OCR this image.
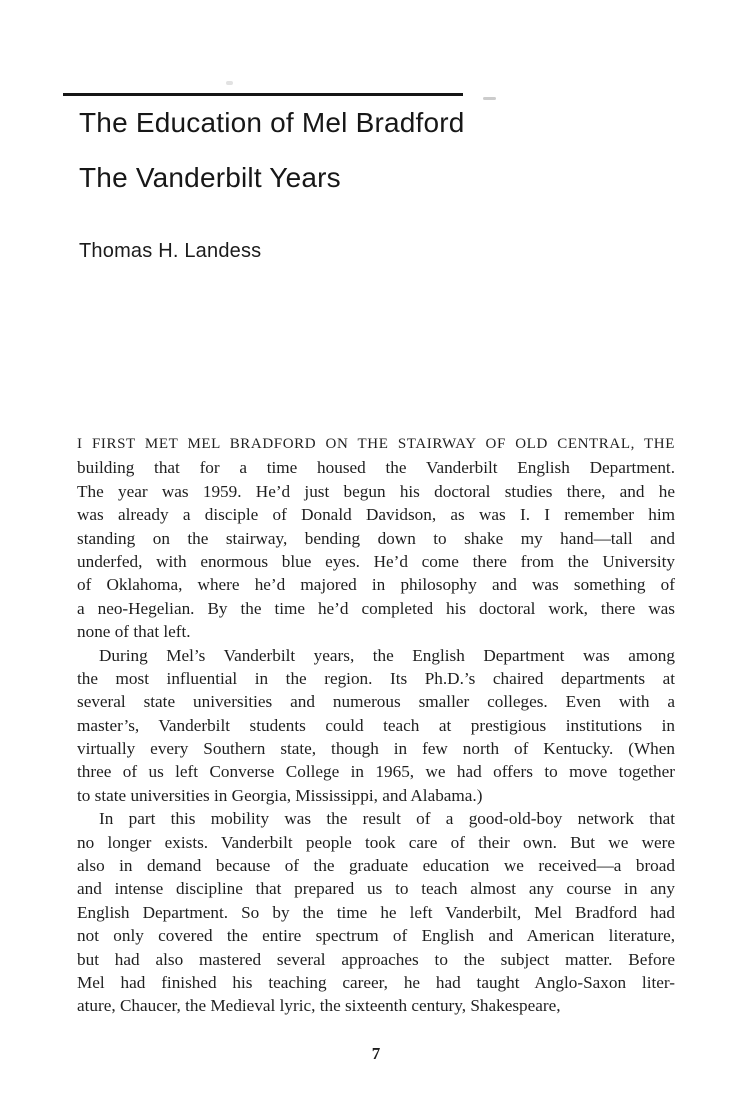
The Education of Mel Bradford
The Vanderbilt Years
Thomas H. Landess
I FIRST MET MEL BRADFORD ON THE STAIRWAY OF OLD CENTRAL, THE
building that for a time housed the Vanderbilt English Department.
The year was 1959. He’d just begun his doctoral studies there, and he
was already a disciple of Donald Davidson, as was I. I remember him
standing on the stairway, bending down to shake my hand—tall and
underfed, with enormous blue eyes. He’d come there from the University
of Oklahoma, where he’d majored in philosophy and was something of
a neo-Hegelian. By the time he’d completed his doctoral work, there was
none of that left.
During Mel’s Vanderbilt years, the English Department was among
the most influential in the region. Its Ph.D.’s chaired departments at
several state universities and numerous smaller colleges. Even with a
master’s, Vanderbilt students could teach at prestigious institutions in
virtually every Southern state, though in few north of Kentucky. (When
three of us left Converse College in 1965, we had offers to move together
to state universities in Georgia, Mississippi, and Alabama.)
In part this mobility was the result of a good-old-boy network that
no longer exists. Vanderbilt people took care of their own. But we were
also in demand because of the graduate education we received—a broad
and intense discipline that prepared us to teach almost any course in any
English Department. So by the time he left Vanderbilt, Mel Bradford had
not only covered the entire spectrum of English and American literature,
but had also mastered several approaches to the subject matter. Before
Mel had finished his teaching career, he had taught Anglo-Saxon liter-
ature, Chaucer, the Medieval lyric, the sixteenth century, Shakespeare,
7
